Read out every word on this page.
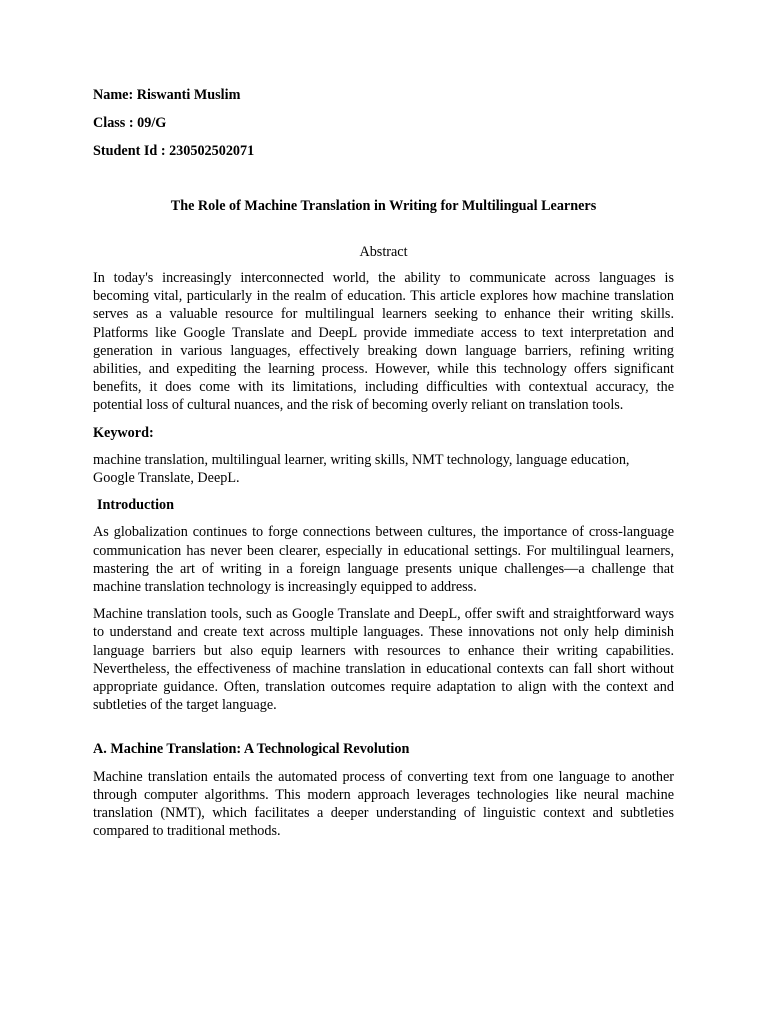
Name: Riswanti Muslim
Class : 09/G
Student Id : 230502502071
The Role of Machine Translation in Writing for Multilingual Learners
Abstract
In today's increasingly interconnected world, the ability to communicate across languages is becoming vital, particularly in the realm of education. This article explores how machine translation serves as a valuable resource for multilingual learners seeking to enhance their writing skills. Platforms like Google Translate and DeepL provide immediate access to text interpretation and generation in various languages, effectively breaking down language barriers, refining writing abilities, and expediting the learning process. However, while this technology offers significant benefits, it does come with its limitations, including difficulties with contextual accuracy, the potential loss of cultural nuances, and the risk of becoming overly reliant on translation tools.
Keyword:
machine translation, multilingual learner, writing skills, NMT technology, language education, Google Translate, DeepL.
Introduction
As globalization continues to forge connections between cultures, the importance of cross-language communication has never been clearer, especially in educational settings. For multilingual learners, mastering the art of writing in a foreign language presents unique challenges—a challenge that machine translation technology is increasingly equipped to address.
Machine translation tools, such as Google Translate and DeepL, offer swift and straightforward ways to understand and create text across multiple languages. These innovations not only help diminish language barriers but also equip learners with resources to enhance their writing capabilities. Nevertheless, the effectiveness of machine translation in educational contexts can fall short without appropriate guidance. Often, translation outcomes require adaptation to align with the context and subtleties of the target language.
A. Machine Translation: A Technological Revolution
Machine translation entails the automated process of converting text from one language to another through computer algorithms. This modern approach leverages technologies like neural machine translation (NMT), which facilitates a deeper understanding of linguistic context and subtleties compared to traditional methods.
